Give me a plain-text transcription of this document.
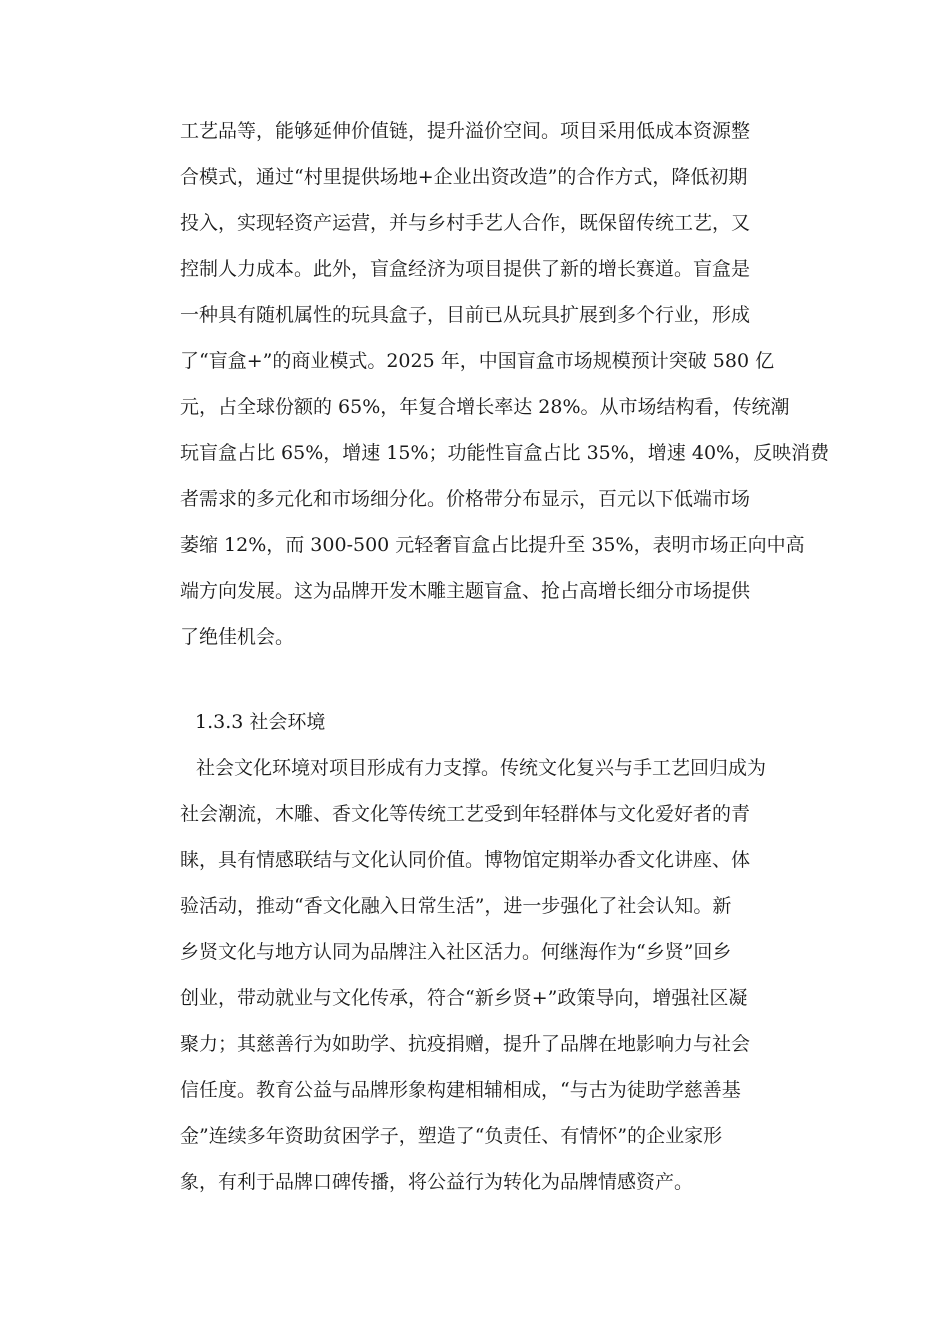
工艺品等，能够延伸价值链，提升溢价空间。项目采用低成本资源整
合模式，通过“村里提供场地+企业出资改造”的合作方式，降低初期
投入，实现轻资产运营，并与乡村手艺人合作，既保留传统工艺，又
控制人力成本。此外，盲盒经济为项目提供了新的增长赛道。盲盒是
一种具有随机属性的玩具盒子，目前已从玩具扩展到多个行业，形成
了“盲盒+”的商业模式。2025 年，中国盲盒市场规模预计突破 580 亿
元，占全球份额的 65%，年复合增长率达 28%。从市场结构看，传统潮
玩盲盒占比 65%，增速 15%；功能性盲盒占比 35%，增速 40%，反映消费
者需求的多元化和市场细分化。价格带分布显示，百元以下低端市场
萎缩 12%，而 300-500 元轻奢盲盒占比提升至 35%，表明市场正向中高
端方向发展。这为品牌开发木雕主题盲盒、抢占高增长细分市场提供
了绝佳机会。
1.3.3 社会环境
社会文化环境对项目形成有力支撑。传统文化复兴与手工艺回归成为
社会潮流，木雕、香文化等传统工艺受到年轻群体与文化爱好者的青
睐，具有情感联结与文化认同价值。博物馆定期举办香文化讲座、体
验活动，推动“香文化融入日常生活”，进一步强化了社会认知。新
乡贤文化与地方认同为品牌注入社区活力。何继海作为“乡贤”回乡
创业，带动就业与文化传承，符合“新乡贤+”政策导向，增强社区凝
聚力；其慈善行为如助学、抗疫捐赠，提升了品牌在地影响力与社会
信任度。教育公益与品牌形象构建相辅相成，“与古为徒助学慈善基
金”连续多年资助贫困学子，塑造了“负责任、有情怀”的企业家形
象，有利于品牌口碑传播，将公益行为转化为品牌情感资产。
